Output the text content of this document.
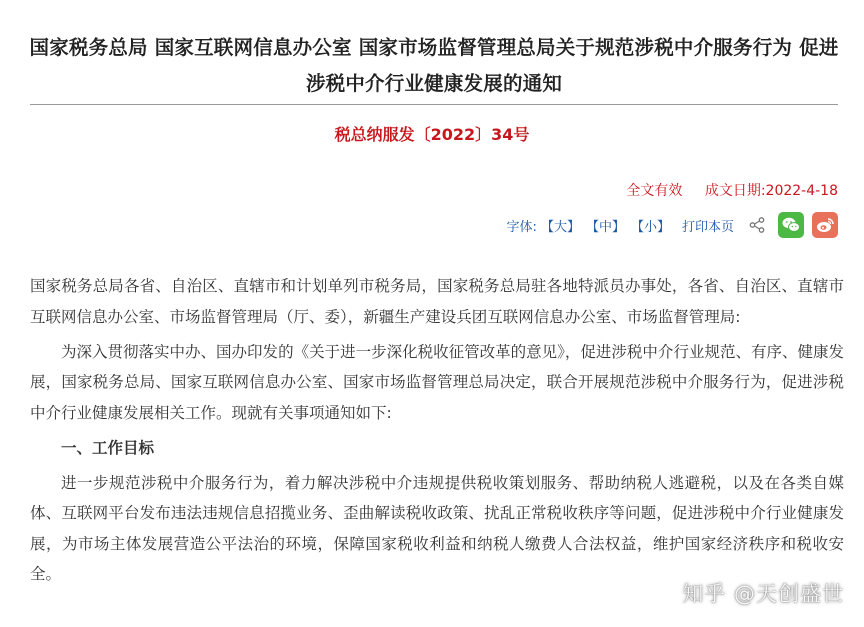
国家税务总局 国家互联网信息办公室 国家市场监督管理总局关于规范涉税中介服务行为 促进涉税中介行业健康发展的通知
税总纳服发〔2022〕34号
全文有效 成文日期:2022-4-18
字体: 【大】 【中】 【小】 打印本页

国家税务总局各省、自治区、直辖市和计划单列市税务局，国家税务总局驻各地特派员办事处，各省、自治区、直辖市互联网信息办公室、市场监督管理局（厅、委），新疆生产建设兵团互联网信息办公室、市场监督管理局:

为深入贯彻落实中办、国办印发的《关于进一步深化税收征管改革的意见》，促进涉税中介行业规范、有序、健康发展，国家税务总局、国家互联网信息办公室、国家市场监督管理总局决定，联合开展规范涉税中介服务行为，促进涉税中介行业健康发展相关工作。现就有关事项通知如下:

一、工作目标

进一步规范涉税中介服务行为，着力解决涉税中介违规提供税收策划服务、帮助纳税人逃避税，以及在各类自媒体、互联网平台发布违法违规信息招揽业务、歪曲解读税收政策、扰乱正常税收秩序等问题，促进涉税中介行业健康发展，为市场主体发展营造公平法治的环境，保障国家税收利益和纳税人缴费人合法权益，维护国家经济秩序和税收安全。

知乎 @天创盛世
